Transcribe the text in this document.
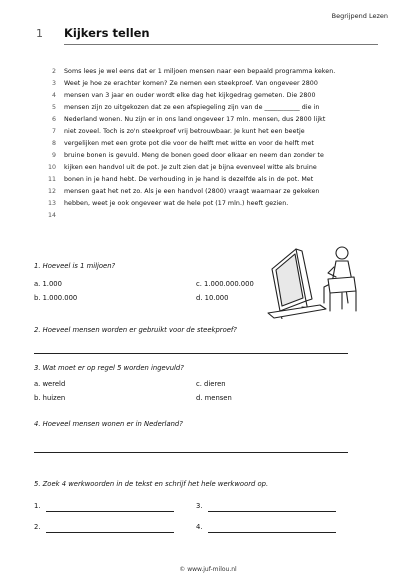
Begrijpend Lezen
1 Kijkers tellen
2 Soms lees je wel eens dat er 1 miljoen mensen naar een bepaald programma keken.
3 Weet je hoe ze erachter komen? Ze nemen een steekproef. Van ongeveer 2800
4 mensen van 3 jaar en ouder wordt elke dag het kijkgedrag gemeten. Die 2800
5 mensen zijn zo uitgekozen dat ze een afspiegeling zijn van de ___________ die in
6 Nederland wonen. Nu zijn er in ons land ongeveer 17 mln. mensen, dus 2800 lijkt
7 niet zoveel. Toch is zo'n steekproef vrij betrouwbaar. Je kunt het een beetje
8 vergelijken met een grote pot die voor de helft met witte en voor de helft met
9 bruine bonen is gevuld. Meng de bonen goed door elkaar en neem dan zonder te
10 kijken een handvol uit de pot. Je zult zien dat je bijna evenveel witte als bruine
11 bonen in je hand hebt. De verhouding in je hand is dezelfde als in de pot. Met
12 mensen gaat het net zo. Als je een handvol (2800) vraagt waarnaar ze gekeken
13 hebben, weet je ook ongeveer wat de hele pot (17 mln.) heeft gezien.
14
1. Hoeveel is 1 miljoen?
a. 1.000	c. 1.000.000.000
b. 1.000.000	d. 10.000
2. Hoeveel mensen worden er gebruikt voor de steekproef?
3. Wat moet er op regel 5 worden ingevuld?
a. wereld	c. dieren
b. huizen	d. mensen
4. Hoeveel mensen wonen er in Nederland?
5. Zoek 4 werkwoorden in de tekst en schrijf het hele werkwoord op.
1.	3.
2.	4.
© www.juf-milou.nl
